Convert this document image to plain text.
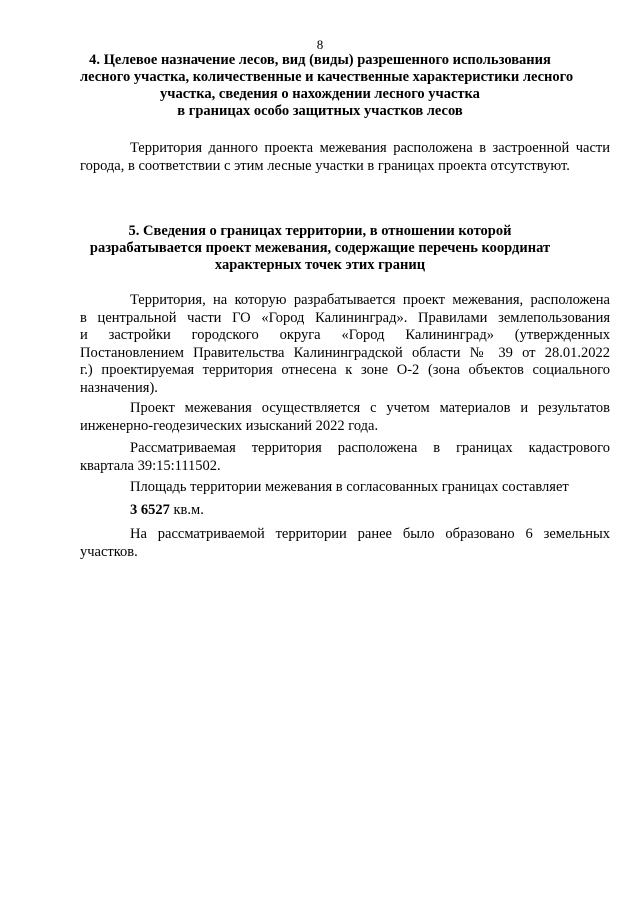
8
4. Целевое назначение лесов, вид (виды) разрешенного использования
лесного участка, количественные и качественные характеристики лесного
участка, сведения о нахождении лесного участка
в границах особо защитных участков лесов
Территория данного проекта межевания расположена в застроенной части
города, в соответствии с этим лесные участки в границах проекта отсутствуют.
5. Сведения о границах территории, в отношении которой
разрабатывается проект межевания, содержащие перечень координат
характерных точек этих границ
Территория, на которую разрабатывается проект межевания, расположена
в центральной части ГО «Город Калининград». Правилами землепользования
и застройки городского округа «Город Калининград» (утвержденных
Постановлением Правительства Калининградской области № 39 от 28.01.2022
г.) проектируемая территория отнесена к зоне О-2 (зона объектов социального
назначения).
Проект межевания осуществляется с учетом материалов и результатов
инженерно-геодезических изысканий 2022 года.
Рассматриваемая территория расположена в границах кадастрового
квартала 39:15:111502.
Площадь территории межевания в согласованных границах составляет
3 6527 кв.м.
На рассматриваемой территории ранее было образовано 6 земельных
участков.
